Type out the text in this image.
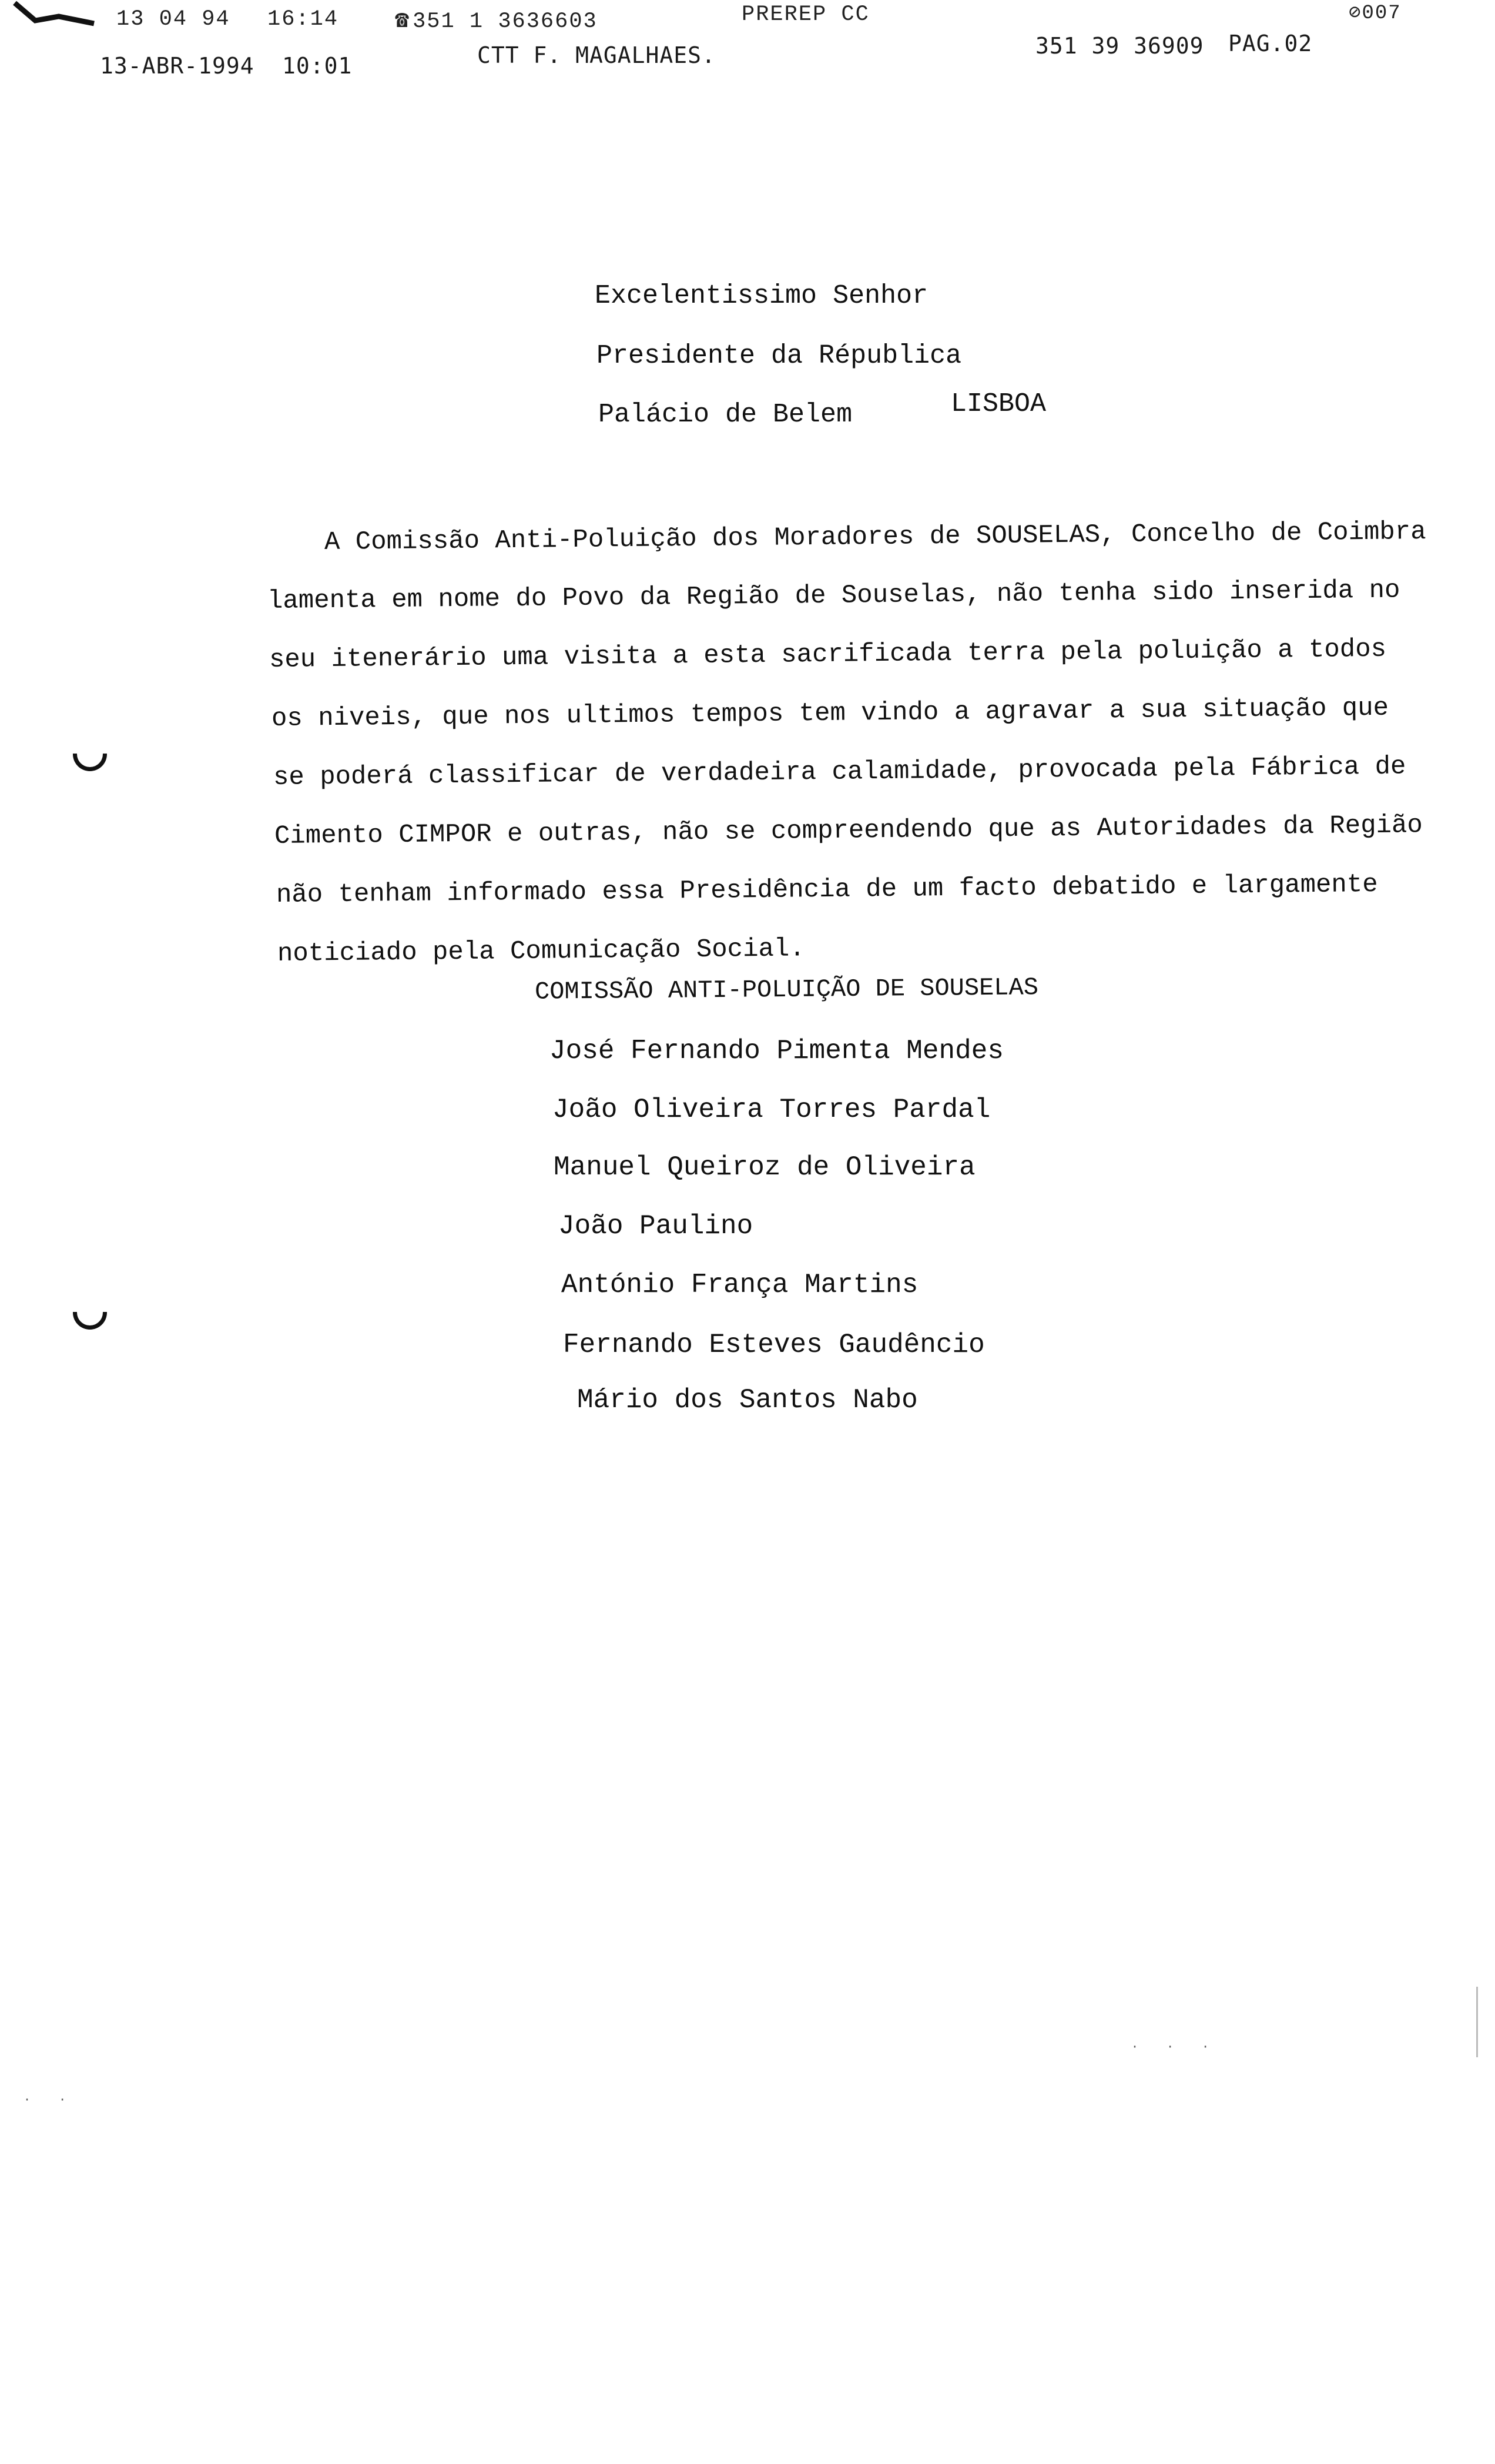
13 04 94 16:14 ☎ 351 1 3636603	PREREP CC	⊘007
13-ABR-1994 10:01	CTT F. MAGALHAES.	351 39 36909 PAG.02
Excelentissimo Senhor
Presidente da Républica
Palácio de Belem	LISBOA
A Comissão Anti-Poluição dos Moradores de SOUSELAS, Concelho de Coimbra
lamenta em nome do Povo da Região de Souselas, não tenha sido inserida no
seu itenerário uma visita a esta sacrificada terra pela poluição a todos
os niveis, que nos ultimos tempos tem vindo a agravar a sua situação que
se poderá classificar de verdadeira calamidade, provocada pela Fábrica de
Cimento CIMPOR e outras, não se compreendendo que as Autoridades da Região
não tenham informado essa Presidência de um facto debatido e largamente
noticiado pela Comunicação Social.
COMISSÃO ANTI-POLUIÇÃO DE SOUSELAS
José Fernando Pimenta Mendes
João Oliveira Torres Pardal
Manuel Queiroz de Oliveira
João Paulino
António França Martins
Fernando Esteves Gaudêncio
Mário dos Santos Nabo
· · ·
· ·
